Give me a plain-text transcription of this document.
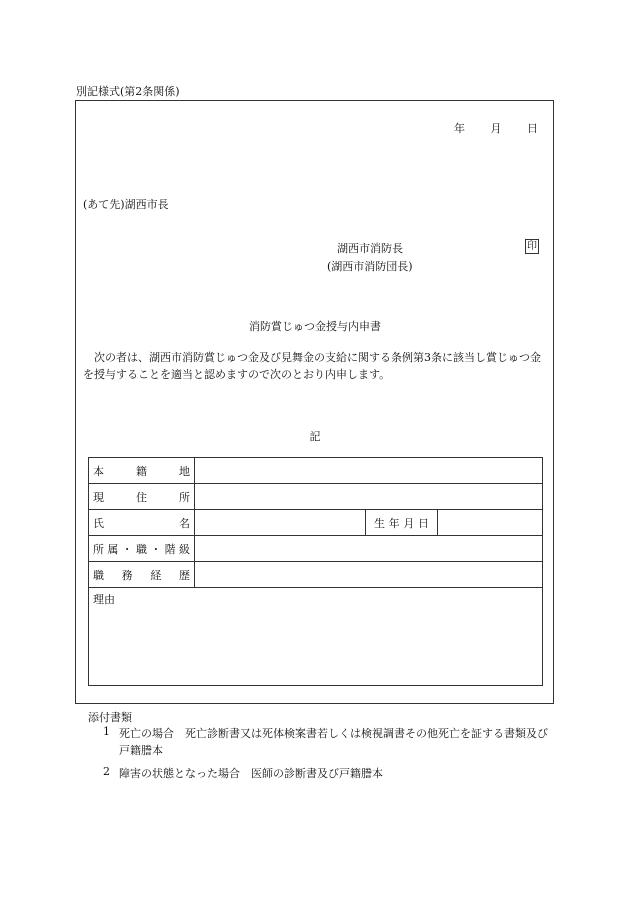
別記様式(第2条関係)
年 月 日
(あて先)湖西市長
湖西市消防長
(湖西市消防団長)
印
消防賞じゅつ金授与内申書
次の者は、湖西市消防賞じゅつ金及び見舞金の支給に関する条例第3条に該当し賞じゅつ金を授与することを適当と認めますので次のとおり内申します。
記
本籍地			
現住所			
氏名		生年月日	
所属・職・階級			
職務経歴			
理由			
添付書類
1 死亡の場合　死亡診断書又は死体検案書若しくは検視調書その他死亡を証する書類及び戸籍謄本
2 障害の状態となった場合　医師の診断書及び戸籍謄本
